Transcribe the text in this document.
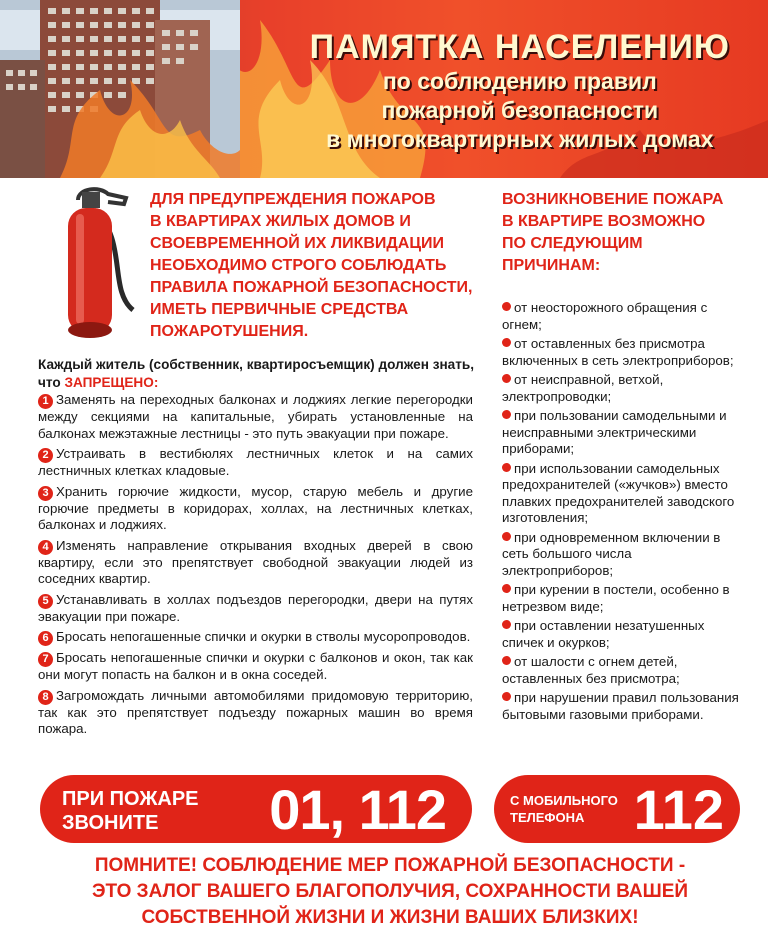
ПАМЯТКА НАСЕЛЕНИЮ
по соблюдению правил
пожарной безопасности
в многоквартирных жилых домах
ДЛЯ ПРЕДУПРЕЖДЕНИЯ ПОЖАРОВ
В КВАРТИРАХ ЖИЛЫХ ДОМОВ И
СВОЕВРЕМЕННОЙ ИХ ЛИКВИДАЦИИ
НЕОБХОДИМО СТРОГО СОБЛЮДАТЬ
ПРАВИЛА ПОЖАРНОЙ БЕЗОПАСНОСТИ,
ИМЕТЬ ПЕРВИЧНЫЕ СРЕДСТВА
ПОЖАРОТУШЕНИЯ.
ВОЗНИКНОВЕНИЕ ПОЖАРА
В КВАРТИРЕ ВОЗМОЖНО
ПО СЛЕДУЮЩИМ
ПРИЧИНАМ:
Каждый житель (собственник, квартиросъемщик) должен знать, что ЗАПРЕЩЕНО:
1 Заменять на переходных балконах и лоджиях легкие перегородки между секциями на капитальные, убирать установленные на балконах межэтажные лестницы - это путь эвакуации при пожаре.
2 Устраивать в вестибюлях лестничных клеток и на самих лестничных клетках кладовые.
3 Хранить горючие жидкости, мусор, старую мебель и другие горючие предметы в коридорах, холлах, на лестничных клетках, балконах и лоджиях.
4 Изменять направление открывания входных дверей в свою квартиру, если это препятствует свободной эвакуации людей из соседних квартир.
5 Устанавливать в холлах подъездов перегородки, двери на путях эвакуации при пожаре.
6 Бросать непогашенные спички и окурки в стволы мусоропроводов.
7 Бросать непогашенные спички и окурки с балконов и окон, так как они могут попасть на балкон и в окна соседей.
8 Загромождать личными автомобилями придомовую территорию, так как это препятствует подъезду пожарных машин во время пожара.
от неосторожного обращения с огнем;
от оставленных без присмотра включенных в сеть электроприборов;
от неисправной, ветхой, электропроводки;
при пользовании самодельными и неисправными электрическими приборами;
при использовании самодельных предохранителей («жучков») вместо плавких предохранителей заводского изготовления;
при одновременном включении в сеть большого числа электроприборов;
при курении в постели, особенно в нетрезвом виде;
при оставлении незатушенных спичек и окурков;
от шалости с огнем детей, оставленных без присмотра;
при нарушении правил пользования бытовыми газовыми приборами.
ПРИ ПОЖАРЕ
ЗВОНИТЕ	01, 112	С МОБИЛЬНОГО
ТЕЛЕФОНА 112
ПОМНИТЕ! СОБЛЮДЕНИЕ МЕР ПОЖАРНОЙ БЕЗОПАСНОСТИ -
ЭТО ЗАЛОГ ВАШЕГО БЛАГОПОЛУЧИЯ, СОХРАННОСТИ ВАШЕЙ
СОБСТВЕННОЙ ЖИЗНИ И ЖИЗНИ ВАШИХ БЛИЗКИХ!
